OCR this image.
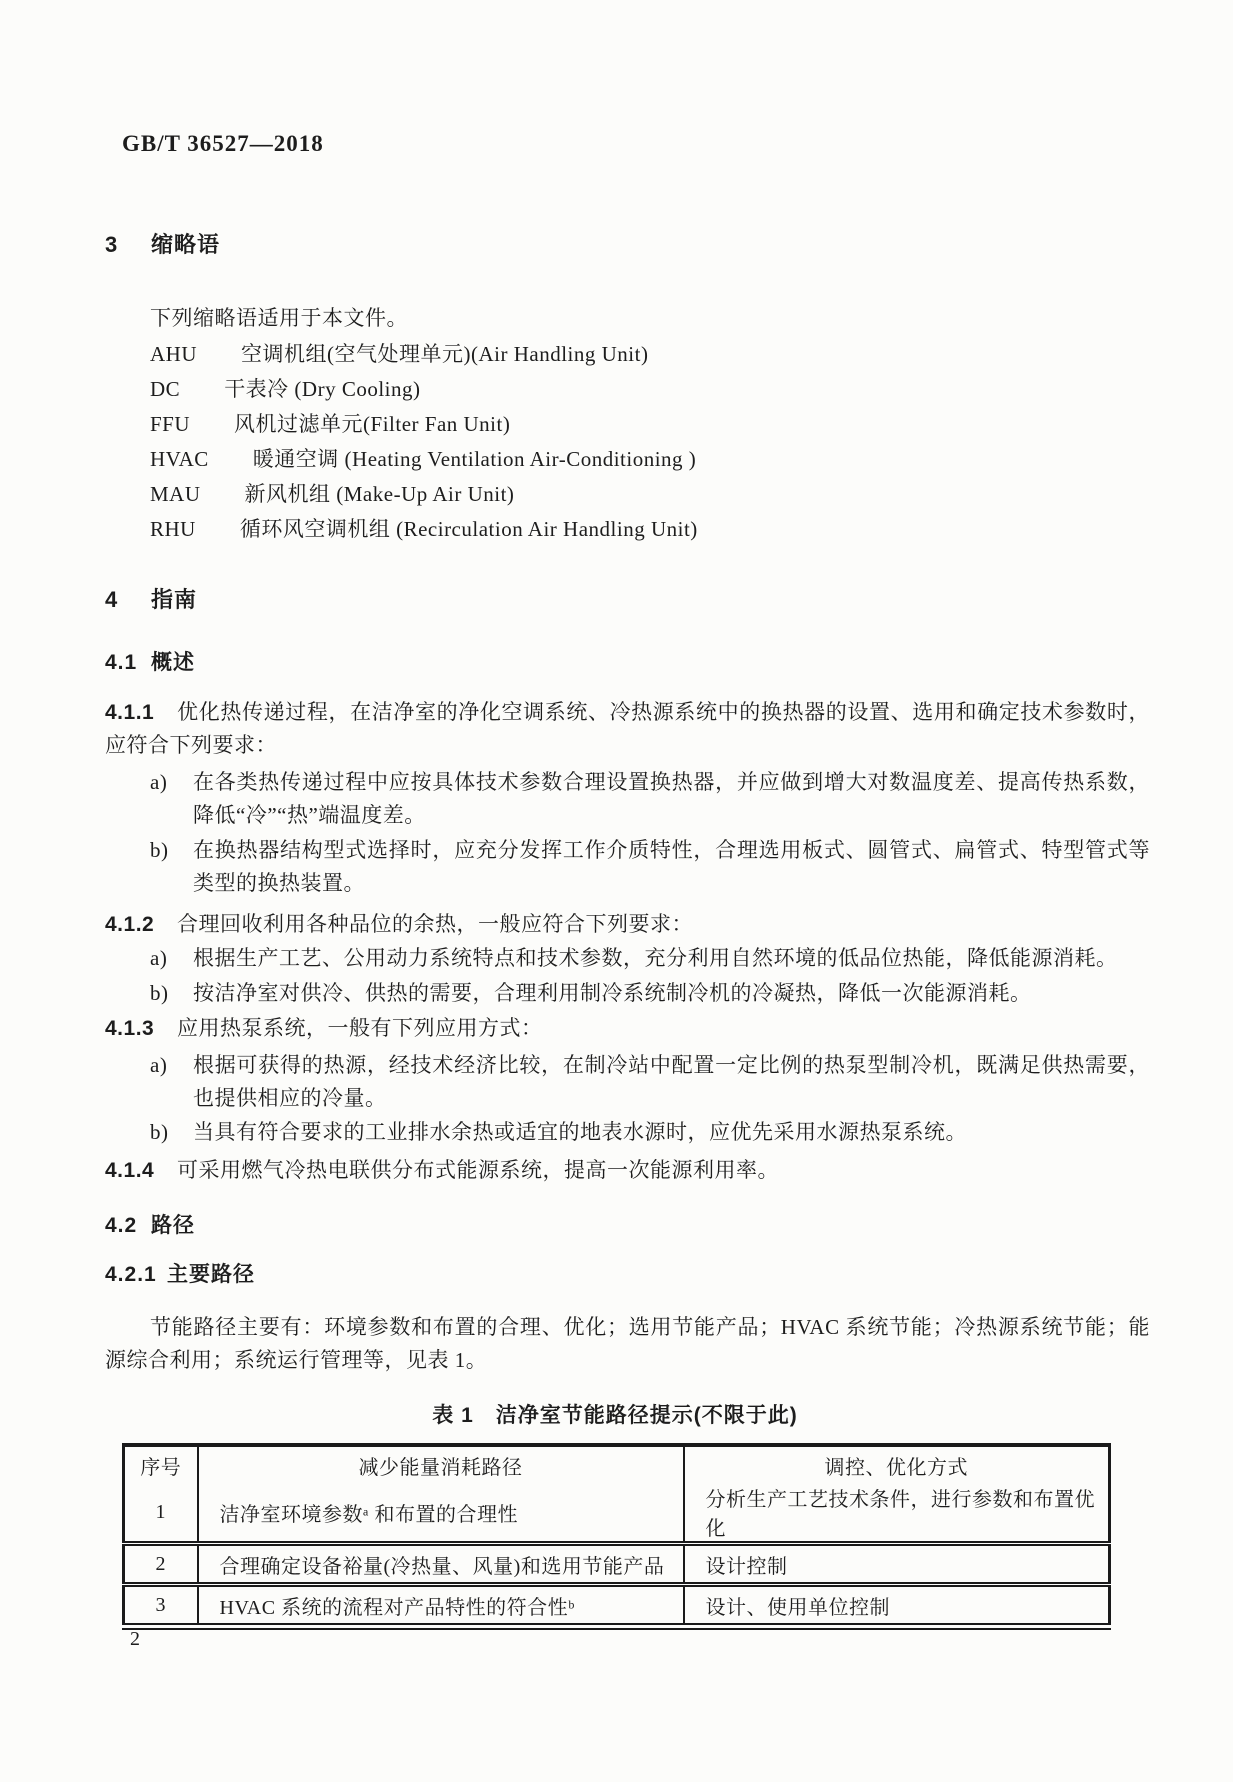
GB/T 36527—2018
3 缩略语
下列缩略语适用于本文件。
AHU 空调机组(空气处理单元)(Air Handling Unit)
DC 干表冷 (Dry Cooling)
FFU 风机过滤单元(Filter Fan Unit)
HVAC 暖通空调 (Heating Ventilation Air-Conditioning )
MAU 新风机组 (Make-Up Air Unit)
RHU 循环风空调机组 (Recirculation Air Handling Unit)
4 指南
4.1 概述
4.1.1 优化热传递过程，在洁净室的净化空调系统、冷热源系统中的换热器的设置、选用和确定技术参数时，应符合下列要求：
a)	在各类热传递过程中应按具体技术参数合理设置换热器，并应做到增大对数温度差、提高传热系数，降低“冷”“热”端温度差。
b)	在换热器结构型式选择时，应充分发挥工作介质特性，合理选用板式、圆管式、扁管式、特型管式等类型的换热装置。
4.1.2 合理回收利用各种品位的余热，一般应符合下列要求：
a)	根据生产工艺、公用动力系统特点和技术参数，充分利用自然环境的低品位热能，降低能源消耗。
b)	按洁净室对供冷、供热的需要，合理利用制冷系统制冷机的冷凝热，降低一次能源消耗。
4.1.3 应用热泵系统，一般有下列应用方式：
a)	根据可获得的热源，经技术经济比较，在制冷站中配置一定比例的热泵型制冷机，既满足供热需要，也提供相应的冷量。
b)	当具有符合要求的工业排水余热或适宜的地表水源时，应优先采用水源热泵系统。
4.1.4 可采用燃气冷热电联供分布式能源系统，提高一次能源利用率。
4.2 路径
4.2.1 主要路径
节能路径主要有：环境参数和布置的合理、优化；选用节能产品；HVAC 系统节能；冷热源系统节能；能源综合利用；系统运行管理等，见表 1。
表 1　洁净室节能路径提示(不限于此)
序号	减少能量消耗路径	调控、优化方式
1	洁净室环境参数ᵃ 和布置的合理性	分析生产工艺技术条件，进行参数和布置优化
2	合理确定设备裕量(冷热量、风量)和选用节能产品	设计控制
3	HVAC 系统的流程对产品特性的符合性ᵇ	设计、使用单位控制
2
